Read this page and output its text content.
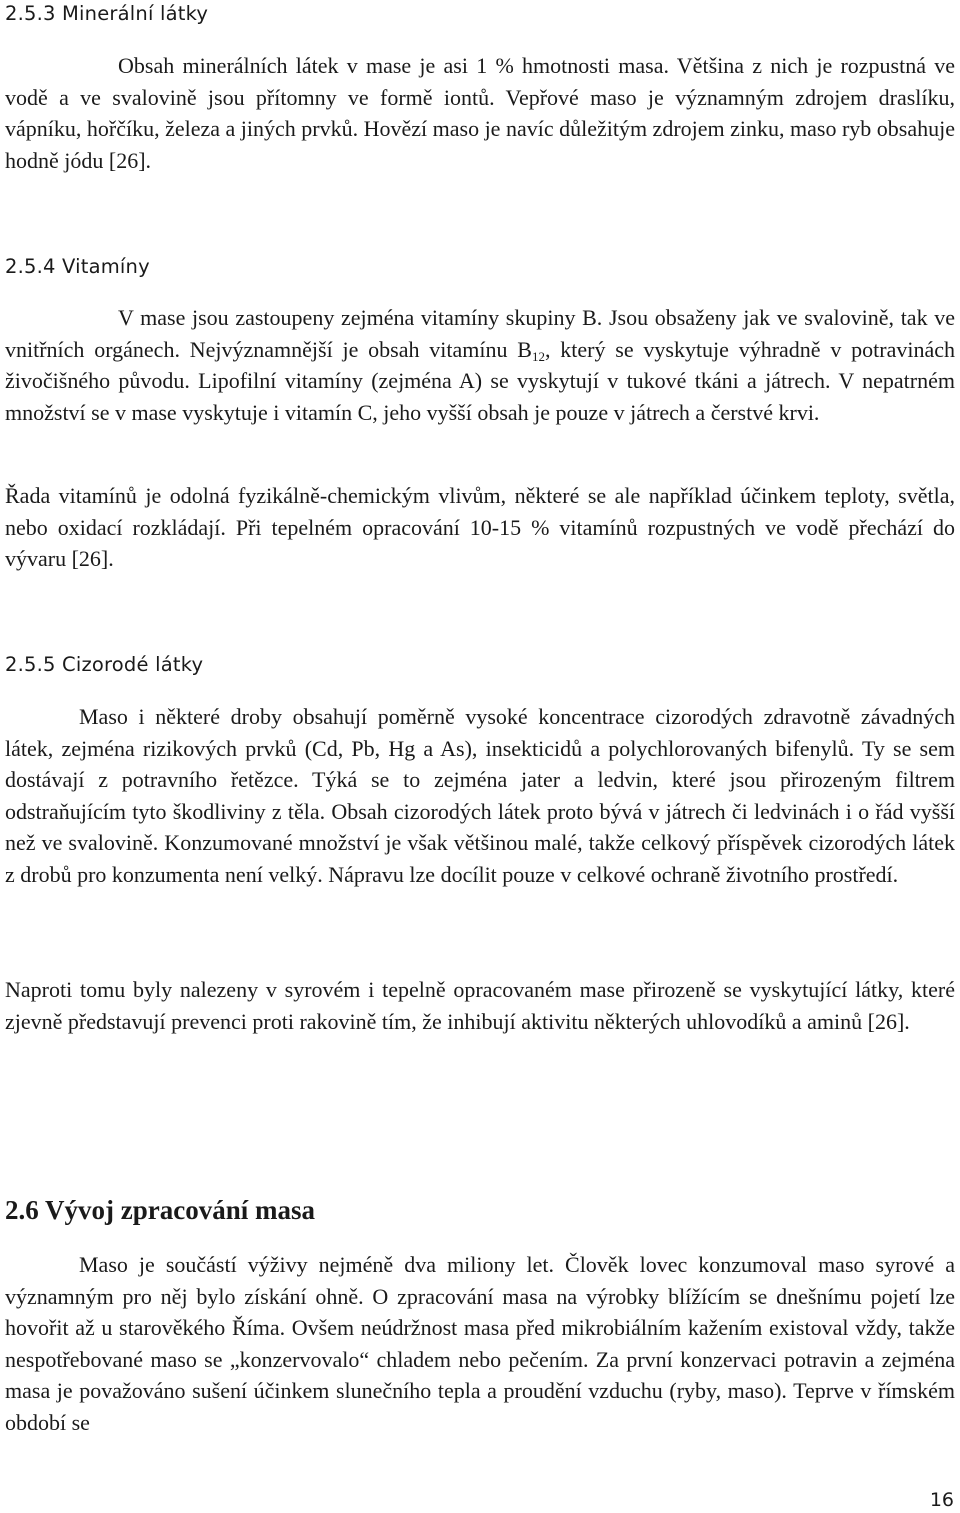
2.5.3 Minerální látky

Obsah minerálních látek v mase je asi 1 % hmotnosti masa. Většina z nich je rozpustná ve vodě a ve svalovině jsou přítomny ve formě iontů. Vepřové maso je významným zdrojem draslíku, vápníku, hořčíku, železa a jiných prvků. Hovězí maso je navíc důležitým zdrojem zinku, maso ryb obsahuje hodně jódu [26].

2.5.4 Vitamíny

V mase jsou zastoupeny zejména vitamíny skupiny B. Jsou obsaženy jak ve svalovině, tak ve vnitřních orgánech. Nejvýznamnější je obsah vitamínu $B_{12}$, který se vyskytuje výhradně v potravinách živočišného původu. Lipofilní vitamíny (zejména A) se vyskytují v tukové tkáni a játrech. V nepatrném množství se v mase vyskytuje i vitamín C, jeho vyšší obsah je pouze v játrech a čerstvé krvi.

Řada vitamínů je odolná fyzikálně-chemickým vlivům, některé se ale například účinkem teploty, světla, nebo oxidací rozkládají. Při tepelném opracování 10-15 % vitamínů rozpustných ve vodě přechází do vývaru [26].

2.5.5 Cizorodé látky

Maso i některé droby obsahují poměrně vysoké koncentrace cizorodých zdravotně závadných látek, zejména rizikových prvků (Cd, Pb, Hg a As), insekticidů a polychlorovaných bifenylů. Ty se sem dostávají z potravního řetězce. Týká se to zejména jater a ledvin, které jsou přirozeným filtrem odstraňujícím tyto škodliviny z těla. Obsah cizorodých látek proto bývá v játrech či ledvinách i o řád vyšší než ve svalovině. Konzumované množství je však většinou malé, takže celkový příspěvek cizorodých látek z drobů pro konzumenta není velký. Nápravu lze docílit pouze v celkové ochraně životního prostředí.

Naproti tomu byly nalezeny v syrovém i tepelně opracovaném mase přirozeně se vyskytující látky, které zjevně představují prevenci proti rakovině tím, že inhibují aktivitu některých uhlovodíků a aminů [26].

2.6 Vývoj zpracování masa

Maso je součástí výživy nejméně dva miliony let. Člověk lovec konzumoval maso syrové a významným pro něj bylo získání ohně. O zpracování masa na výrobky blížícím se dnešnímu pojetí lze hovořit až u starověkého Říma. Ovšem neúdržnost masa před mikrobiálním kažením existoval vždy, takže nespotřebované maso se „konzervovalo“ chladem nebo pečením. Za první konzervaci potravin a zejména masa je považováno sušení účinkem slunečního tepla a proudění vzduchu (ryby, maso). Teprve v římském období se

16
